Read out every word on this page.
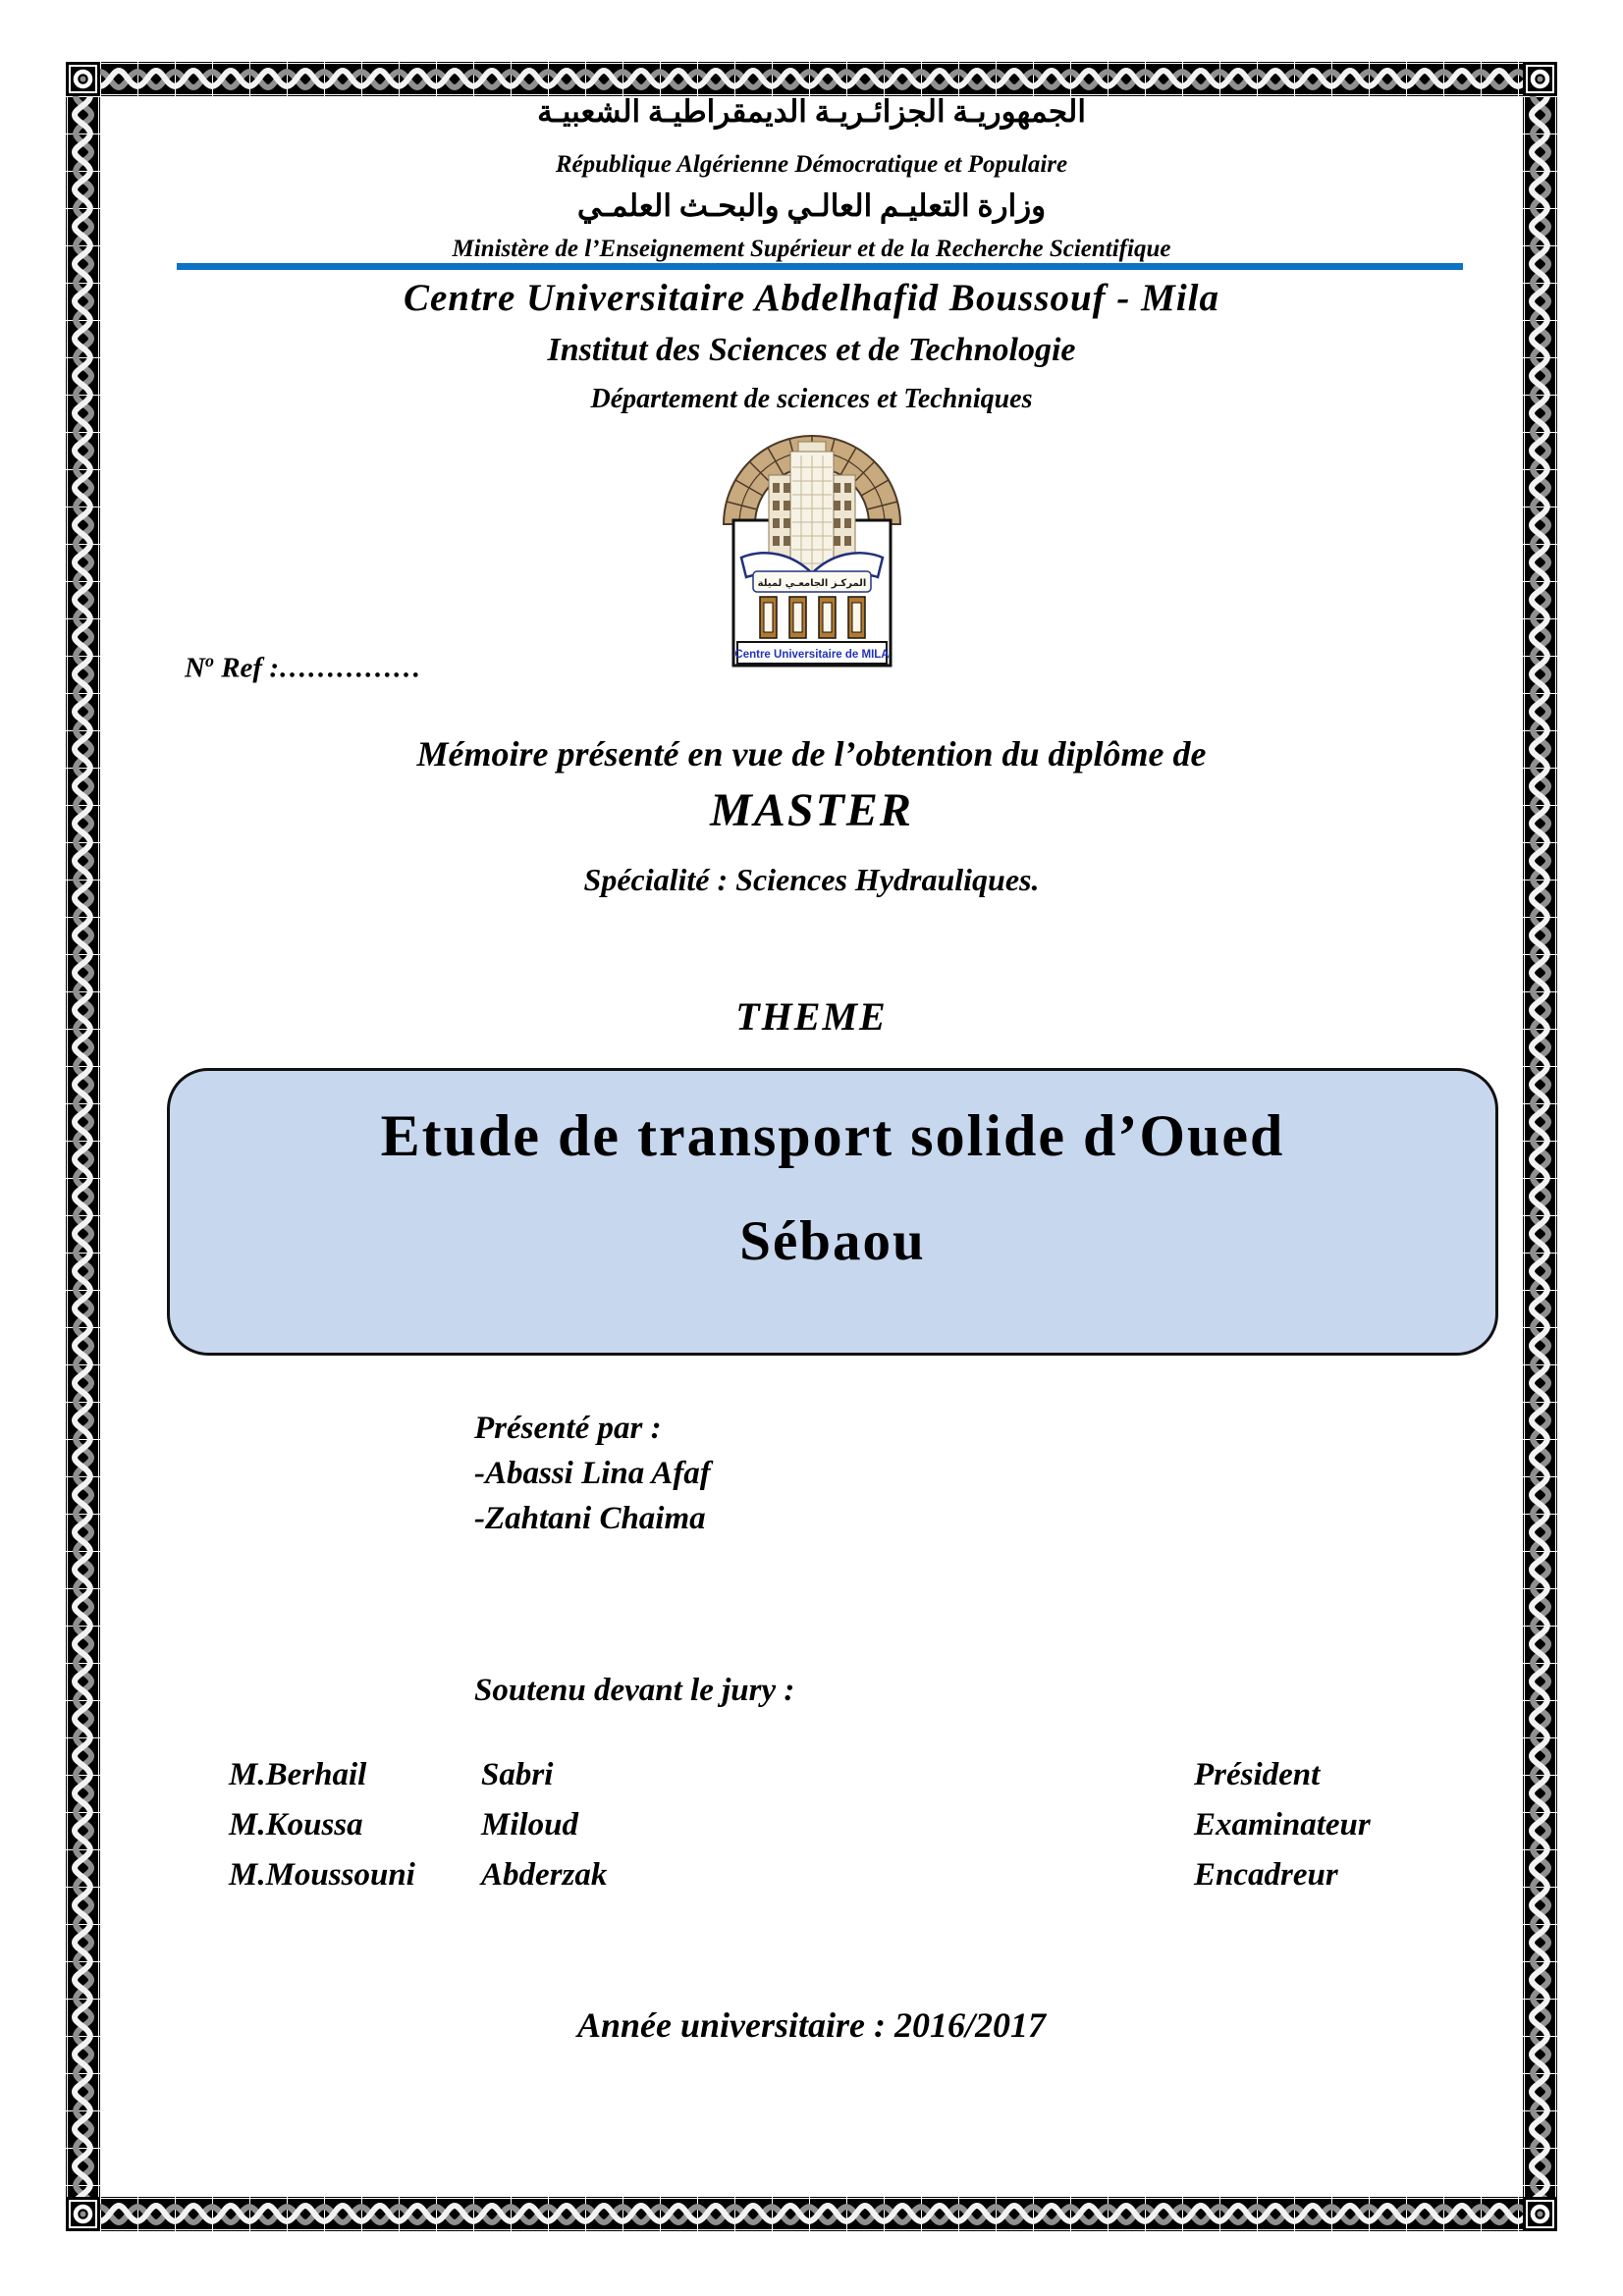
الجمهوريـة الجزائـريـة الديمقراطيـة الشعبيـة
République Algérienne Démocratique et Populaire
وزارة التعليـم العالـي والبحـث العلمـي
Ministère de l’Enseignement Supérieur et de la Recherche Scientifique
Centre Universitaire Abdelhafid Boussouf - Mila
Institut des Sciences et de Technologie
Département de sciences et Techniques
المركـز الجامعـي لميلة
Centre Universitaire de MILA
$N^o$ Ref :……………
Mémoire présenté en vue de l’obtention du diplôme de
MASTER
Spécialité : Sciences Hydrauliques.
THEME
Etude de transport solide d’Oued
Sébaou
Présenté par :
-Abassi Lina Afaf
-Zahtani Chaima
Soutenu devant le jury :
M.Berhail	Sabri	Président
M.Koussa	Miloud	Examinateur
M.Moussouni Abderzak	Encadreur
Année universitaire : 2016/2017
